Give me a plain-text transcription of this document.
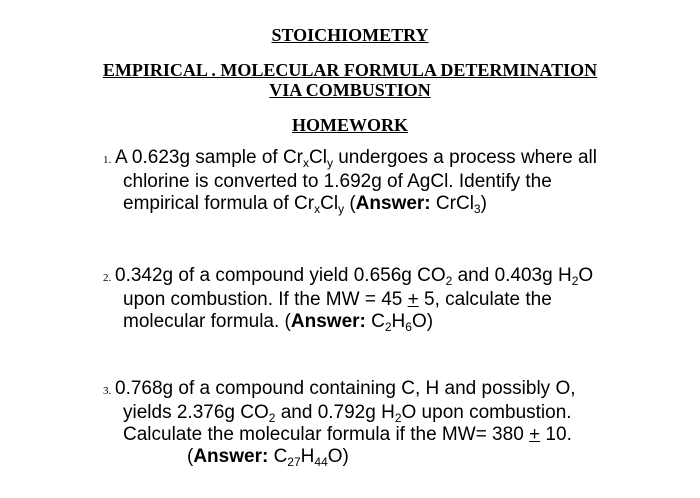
STOICHIOMETRY
EMPIRICAL . MOLECULAR FORMULA DETERMINATION
VIA COMBUSTION
HOMEWORK
1. A 0.623g sample of $Cr_xCl_y$ undergoes a process where all
chlorine is converted to 1.692g of AgCl. Identify the
empirical formula of $Cr_xCl_y$ (Answer: CrCl$_3$)
2. 0.342g of a compound yield 0.656g $CO_2$ and 0.403g $H_2O$
upon combustion. If the MW = 45 + 5, calculate the
molecular formula. (Answer: $C_2H_6O$)
3. 0.768g of a compound containing C, H and possibly O,
yields 2.376g $CO_2$ and 0.792g $H_2O$ upon combustion.
Calculate the molecular formula if the MW= 380 + 10.
(Answer: $C_{27}H_{44}O$)
